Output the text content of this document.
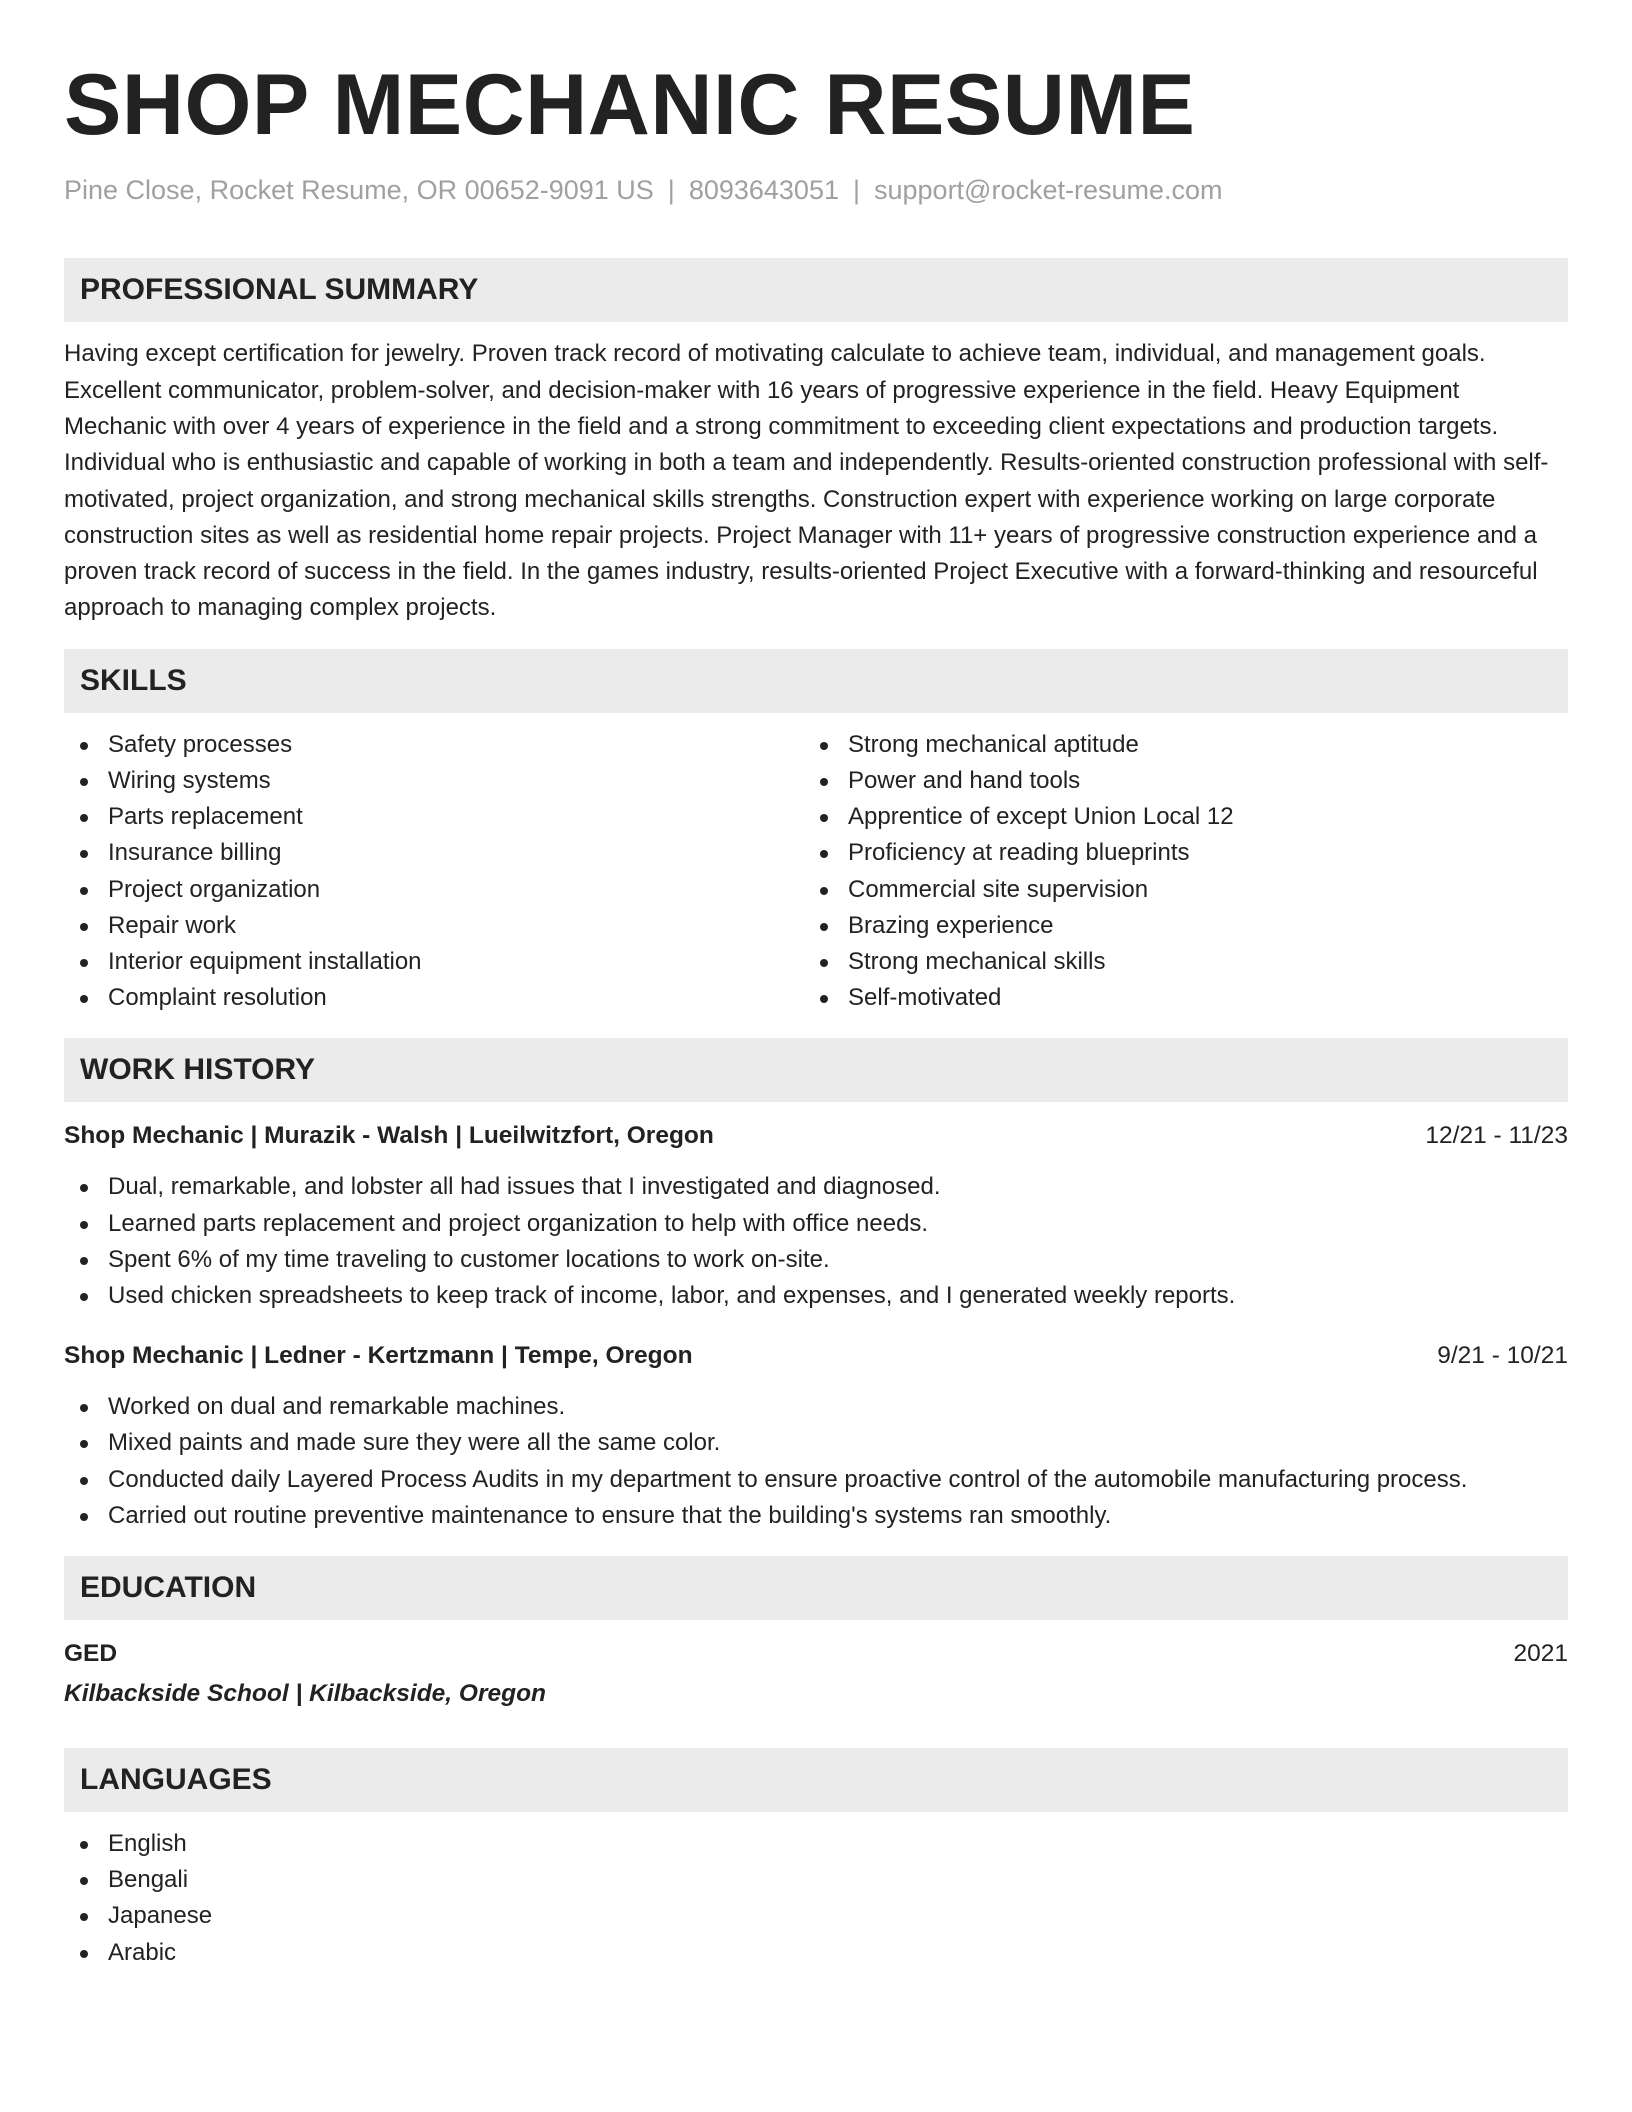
SHOP MECHANIC RESUME
Pine Close, Rocket Resume, OR 00652-9091 US | 8093643051 | support@rocket-resume.com
PROFESSIONAL SUMMARY

Having except certification for jewelry. Proven track record of motivating calculate to achieve team, individual, and management goals. Excellent communicator, problem-solver, and decision-maker with 16 years of progressive experience in the field. Heavy Equipment Mechanic with over 4 years of experience in the field and a strong commitment to exceeding client expectations and production targets. Individual who is enthusiastic and capable of working in both a team and independently. Results-oriented construction professional with self-motivated, project organization, and strong mechanical skills strengths. Construction expert with experience working on large corporate construction sites as well as residential home repair projects. Project Manager with 11+ years of progressive construction experience and a proven track record of success in the field. In the games industry, results-oriented Project Executive with a forward-thinking and resourceful approach to managing complex projects.

SKILLS
Safety processes
Wiring systems
Parts replacement
Insurance billing
Project organization
Repair work
Interior equipment installation
Complaint resolution
Strong mechanical aptitude
Power and hand tools
Apprentice of except Union Local 12
Proficiency at reading blueprints
Commercial site supervision
Brazing experience
Strong mechanical skills
Self-motivated
WORK HISTORY
Shop Mechanic | Murazik - Walsh | Lueilwitzfort, Oregon	12/21 - 11/23
Dual, remarkable, and lobster all had issues that I investigated and diagnosed.
Learned parts replacement and project organization to help with office needs.
Spent 6% of my time traveling to customer locations to work on-site.
Used chicken spreadsheets to keep track of income, labor, and expenses, and I generated weekly reports.
Shop Mechanic | Ledner - Kertzmann | Tempe, Oregon	9/21 - 10/21
Worked on dual and remarkable machines.
Mixed paints and made sure they were all the same color.
Conducted daily Layered Process Audits in my department to ensure proactive control of the automobile manufacturing process.
Carried out routine preventive maintenance to ensure that the building's systems ran smoothly.
EDUCATION
GED	2021
Kilbackside School | Kilbackside, Oregon
LANGUAGES
English
Bengali
Japanese
Arabic
